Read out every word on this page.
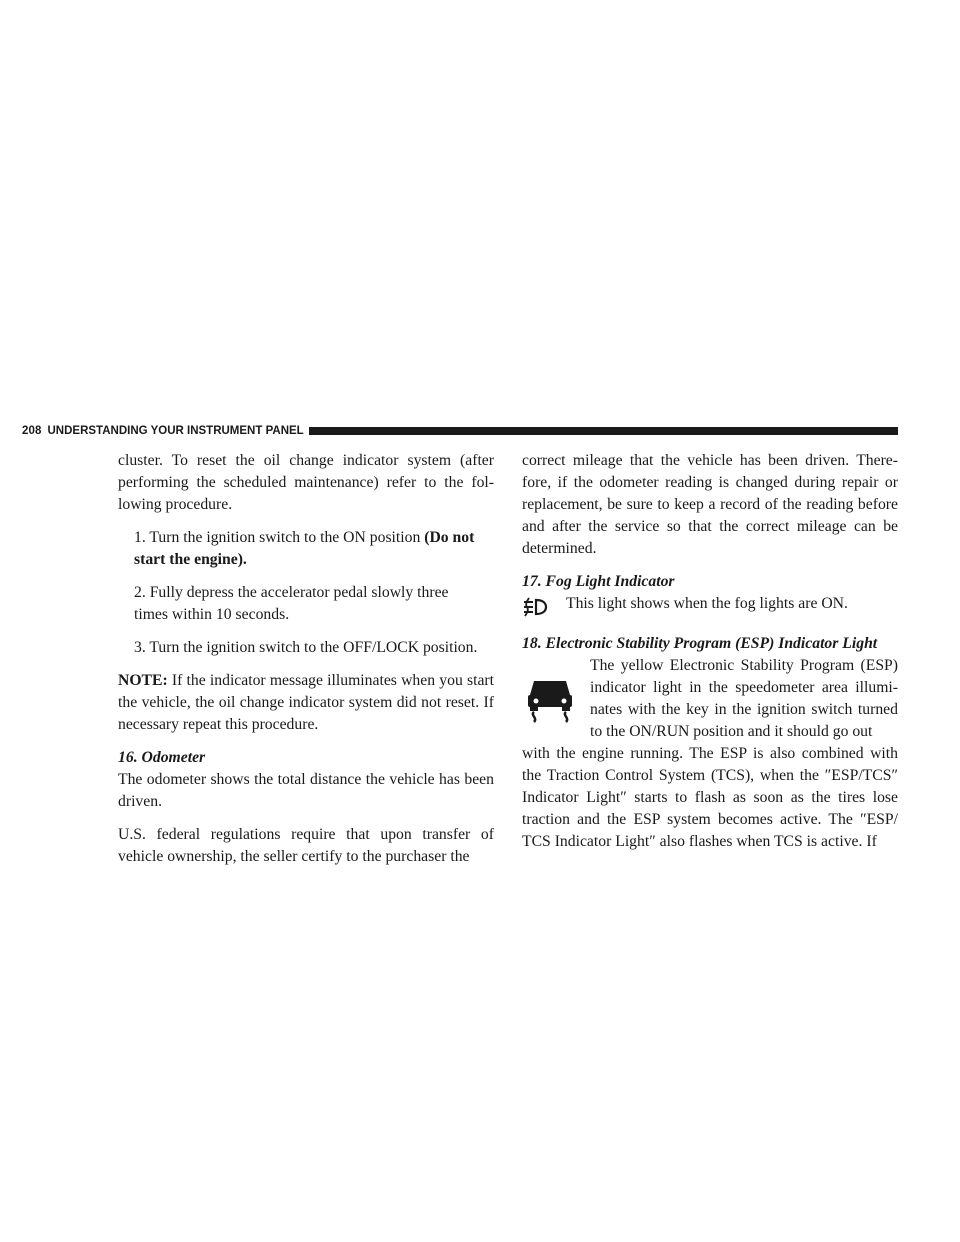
208 UNDERSTANDING YOUR INSTRUMENT PANEL

cluster. To reset the oil change indicator system (after performing the scheduled maintenance) refer to the fol-lowing procedure.

1. Turn the ignition switch to the ON position (Do not
start the engine).

2. Fully depress the accelerator pedal slowly three
times within 10 seconds.

3. Turn the ignition switch to the OFF/LOCK position.

NOTE: If the indicator message illuminates when you start the vehicle, the oil change indicator system did not reset. If necessary repeat this procedure.

16. Odometer

The odometer shows the total distance the vehicle has been driven.

U.S. federal regulations require that upon transfer of vehicle ownership, the seller certify to the purchaser the

correct mileage that the vehicle has been driven. There-fore, if the odometer reading is changed during repair or replacement, be sure to keep a record of the reading before and after the service so that the correct mileage can be determined.

17. Fog Light Indicator

This light shows when the fog lights are ON.

18. Electronic Stability Program (ESP) Indicator Light

The yellow Electronic Stability Program (ESP) indicator light in the speedometer area illumi-nates with the key in the ignition switch turned to the ON/RUN position and it should go out

with the engine running. The ESP is also combined with the Traction Control System (TCS), when the ″ESP/TCS″ Indicator Light″ starts to flash as soon as the tires lose traction and the ESP system becomes active. The ″ESP/ TCS Indicator Light″ also flashes when TCS is active. If
